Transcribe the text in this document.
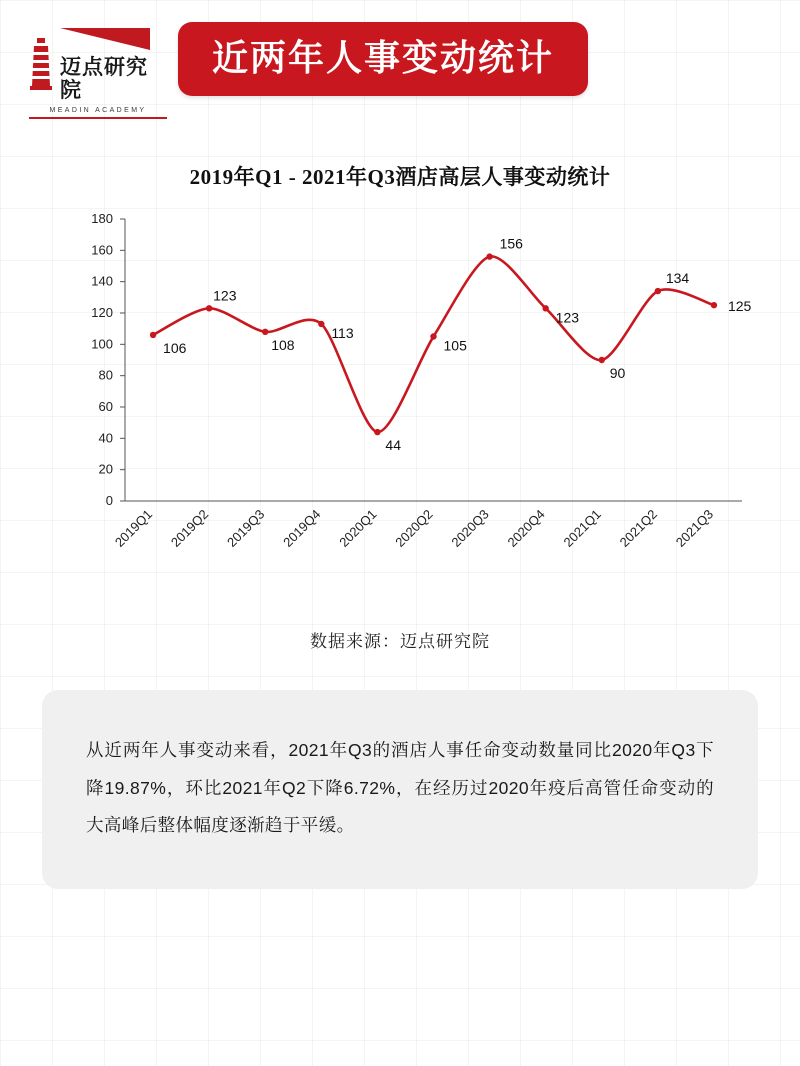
迈点研究院
MEADIN ACADEMY
近两年人事变动统计
2019年Q1 - 2021年Q3酒店高层人事变动统计
0
20
40
60
80
100
120
140
160
180
106
123
108
113
44
105
156
123
90
134
125
2019Q1 2019Q2 2019Q3 2019Q4 2020Q1 2020Q2 2020Q3 2020Q4 2021Q1 2021Q2 2021Q3
数据来源：迈点研究院
从近两年人事变动来看，2021年Q3的酒店人事任命变动数量同比2020年Q3下降19.87%，环比2021年Q2下降6.72%，在经历过2020年疫后高管任命变动的大高峰后整体幅度逐渐趋于平缓。
